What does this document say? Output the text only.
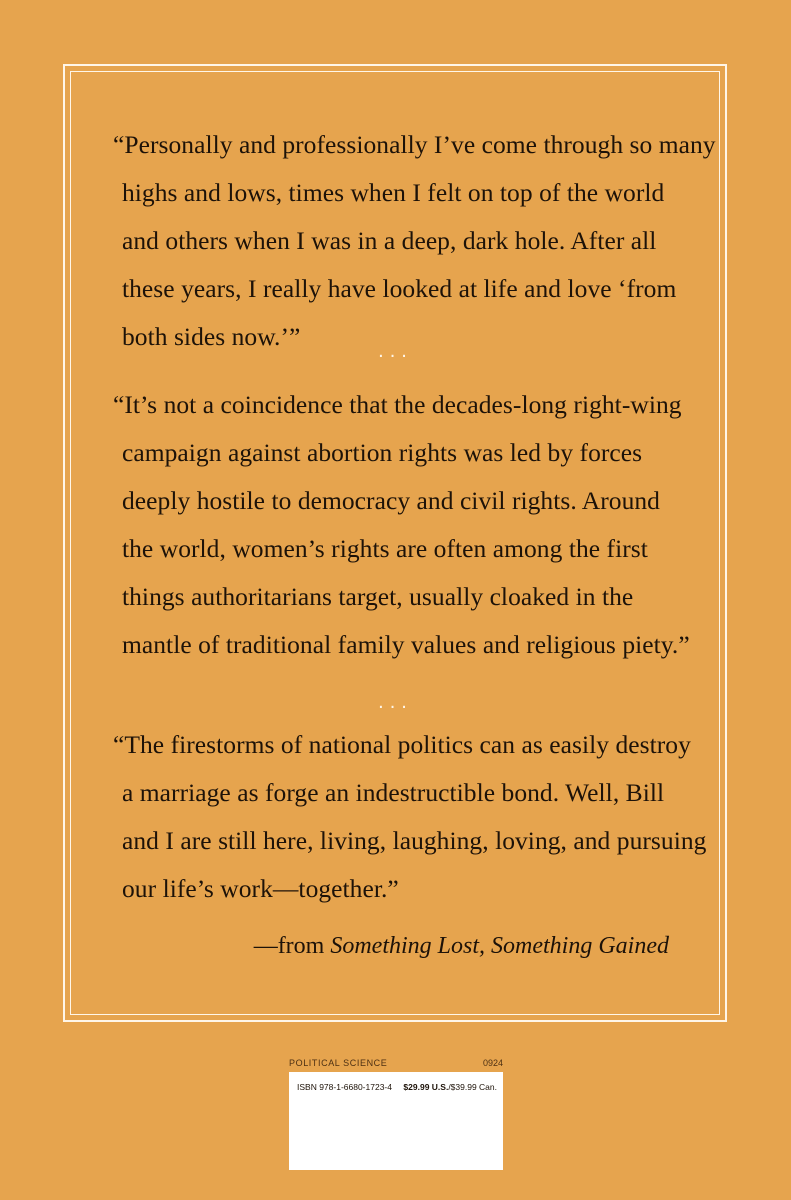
“Personally and professionally I’ve come through so many
highs and lows, times when I felt on top of the world
and others when I was in a deep, dark hole. After all
these years, I really have looked at life and love ‘from
both sides now.’”	...

“It’s not a coincidence that the decades-long right-wing
campaign against abortion rights was led by forces
deeply hostile to democracy and civil rights. Around
the world, women’s rights are often among the first
things authoritarians target, usually cloaked in the
mantle of traditional family values and religious piety.”

...

“The firestorms of national politics can as easily destroy
a marriage as forge an indestructible bond. Well, Bill
and I are still here, living, laughing, loving, and pursuing
our life’s work—together.”

—from Something Lost, Something Gained
POLITICAL SCIENCE	0924
ISBN 978-1-6680-1723-4 $29.99 U.S./$39.99 Can.
